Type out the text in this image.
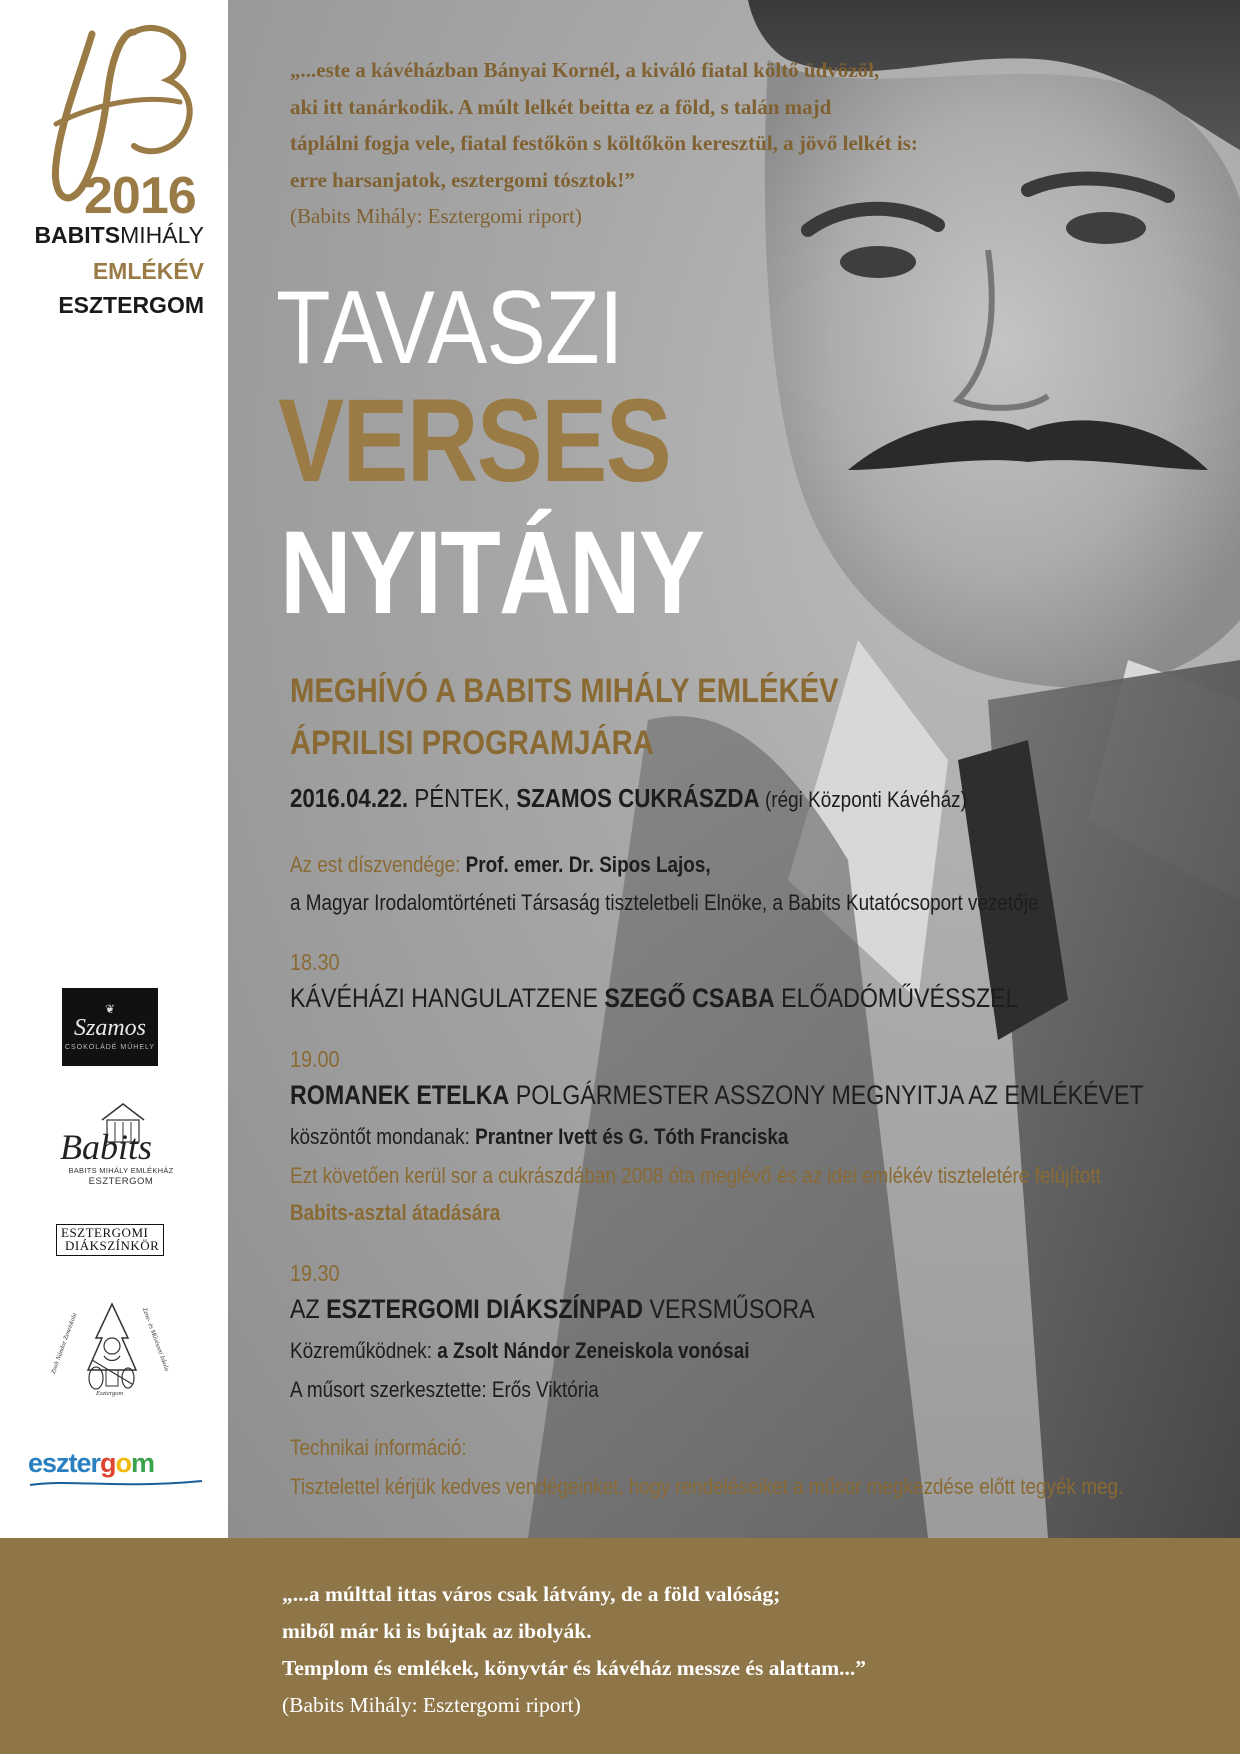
2016
BABITSMIHÁLY
EMLÉKÉV
ESZTERGOM
❦
Szamos
CSOKOLÁDÉ MŰHELY
Babits
BABITS MIHÁLY EMLÉKHÁZ
ESZTERGOM
ESZTERGOMI
DIÁKSZÍNKÖR
Zsolt Nándor Zeneiskola	Zene- és Művészeti Iskola
Esztergom
esztergom
„...este a kávéházban Bányai Kornél, a kiváló fiatal költő üdvözöl,
aki itt tanárkodik. A múlt lelkét beitta ez a föld, s talán majd
táplálni fogja vele, fiatal festőkön s költőkön keresztül, a jövő lelkét is:
erre harsanjatok, esztergomi tósztok!”
(Babits Mihály: Esztergomi riport)
TAVASZI
VERSES
NYITÁNY
MEGHÍVÓ A BABITS MIHÁLY EMLÉKÉV
ÁPRILISI PROGRAMJÁRA
2016.04.22. PÉNTEK, SZAMOS CUKRÁSZDA (régi Központi Kávéház)
Az est díszvendége: Prof. emer. Dr. Sipos Lajos,
a Magyar Irodalomtörténeti Társaság tiszteletbeli Elnöke, a Babits Kutatócsoport vezetője
18.30
KÁVÉHÁZI HANGULATZENE SZEGŐ CSABA ELŐADÓMŰVÉSSZEL
19.00
ROMANEK ETELKA POLGÁRMESTER ASSZONY MEGNYITJA AZ EMLÉKÉVET
köszöntőt mondanak: Prantner Ivett és G. Tóth Franciska
Ezt követően kerül sor a cukrászdában 2008 óta meglévő és az idei emlékév tiszteletére felújított
Babits-asztal átadására
19.30
AZ ESZTERGOMI DIÁKSZÍNPAD VERSMŰSORA
Közreműködnek: a Zsolt Nándor Zeneiskola vonósai
A műsort szerkesztette: Erős Viktória
Technikai információ:
Tisztelettel kérjük kedves vendégeinket, hogy rendeléseiket a műsor megkezdése előtt tegyék meg.
„...a múlttal ittas város csak látvány, de a föld valóság;
miből már ki is bújtak az ibolyák.
Templom és emlékek, könyvtár és kávéház messze és alattam...”
(Babits Mihály: Esztergomi riport)
